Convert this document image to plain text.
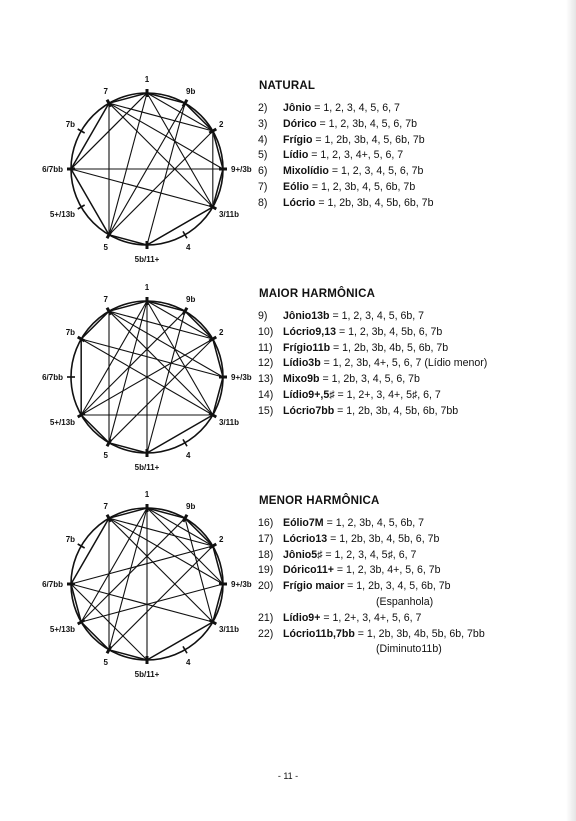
1
9b
2
9+/3b
3/11b
4
5b/11+
5
5+/13b
6/7bb
7b
7	NATURAL
2) Jônio = 1, 2, 3, 4, 5, 6, 7
3) Dórico = 1, 2, 3b, 4, 5, 6, 7b
4) Frígio = 1, 2b, 3b, 4, 5, 6b, 7b
5) Lídio = 1, 2, 3, 4+, 5, 6, 7
6) Mixolídio = 1, 2, 3, 4, 5, 6, 7b
7) Eólio = 1, 2, 3b, 4, 5, 6b, 7b
8) Lócrio = 1, 2b, 3b, 4, 5b, 6b, 7b
1
9b
2
9+/3b
3/11b
4
5b/11+
5
5+/13b
6/7bb
7b
7	MAIOR HARMÔNICA
9) Jônio13b = 1, 2, 3, 4, 5, 6b, 7
10) Lócrio9,13 = 1, 2, 3b, 4, 5b, 6, 7b
11) Frígio11b = 1, 2b, 3b, 4b, 5, 6b, 7b
12) Lídio3b = 1, 2, 3b, 4+, 5, 6, 7 (Lídio menor)
13) Mixo9b = 1, 2b, 3, 4, 5, 6, 7b
14) Lídio9+,5♯ = 1, 2+, 3, 4+, 5♯, 6, 7
15) Lócrio7bb = 1, 2b, 3b, 4, 5b, 6b, 7bb
1
9b
2
9+/3b
3/11b
4
5b/11+
5
5+/13b
6/7bb
7b
7	MENOR HARMÔNICA
16) Eólio7M = 1, 2, 3b, 4, 5, 6b, 7
17) Lócrio13 = 1, 2b, 3b, 4, 5b, 6, 7b
18) Jônio5♯ = 1, 2, 3, 4, 5♯, 6, 7
19) Dórico11+ = 1, 2, 3b, 4+, 5, 6, 7b
20) Frígio maior = 1, 2b, 3, 4, 5, 6b, 7b
(Espanhola)
21) Lídio9+ = 1, 2+, 3, 4+, 5, 6, 7
22) Lócrio11b,7bb = 1, 2b, 3b, 4b, 5b, 6b, 7bb
(Diminuto11b)
- 11 -
